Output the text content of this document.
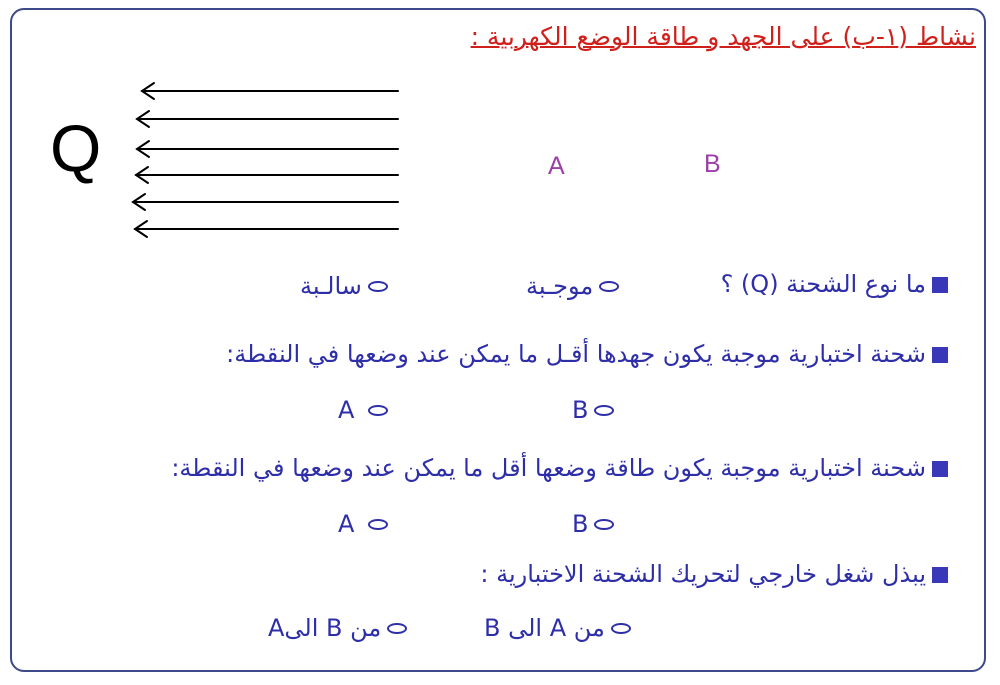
نشاط (١-ب) على الجهد و طاقة الوضع الكهربية :
Q	A	B
ما نوع الشحنة (Q) ؟
موجـبة
سالـبة
شحنة اختبارية موجبة يكون جهدها أقـل ما يمكن عند وضعها في النقطة:
B
A
شحنة اختبارية موجبة يكون طاقة وضعها أقل ما يمكن عند وضعها في النقطة:
B
A
يبذل شغل خارجي لتحريك الشحنة الاختبارية :
من A الى B
من B الىA
